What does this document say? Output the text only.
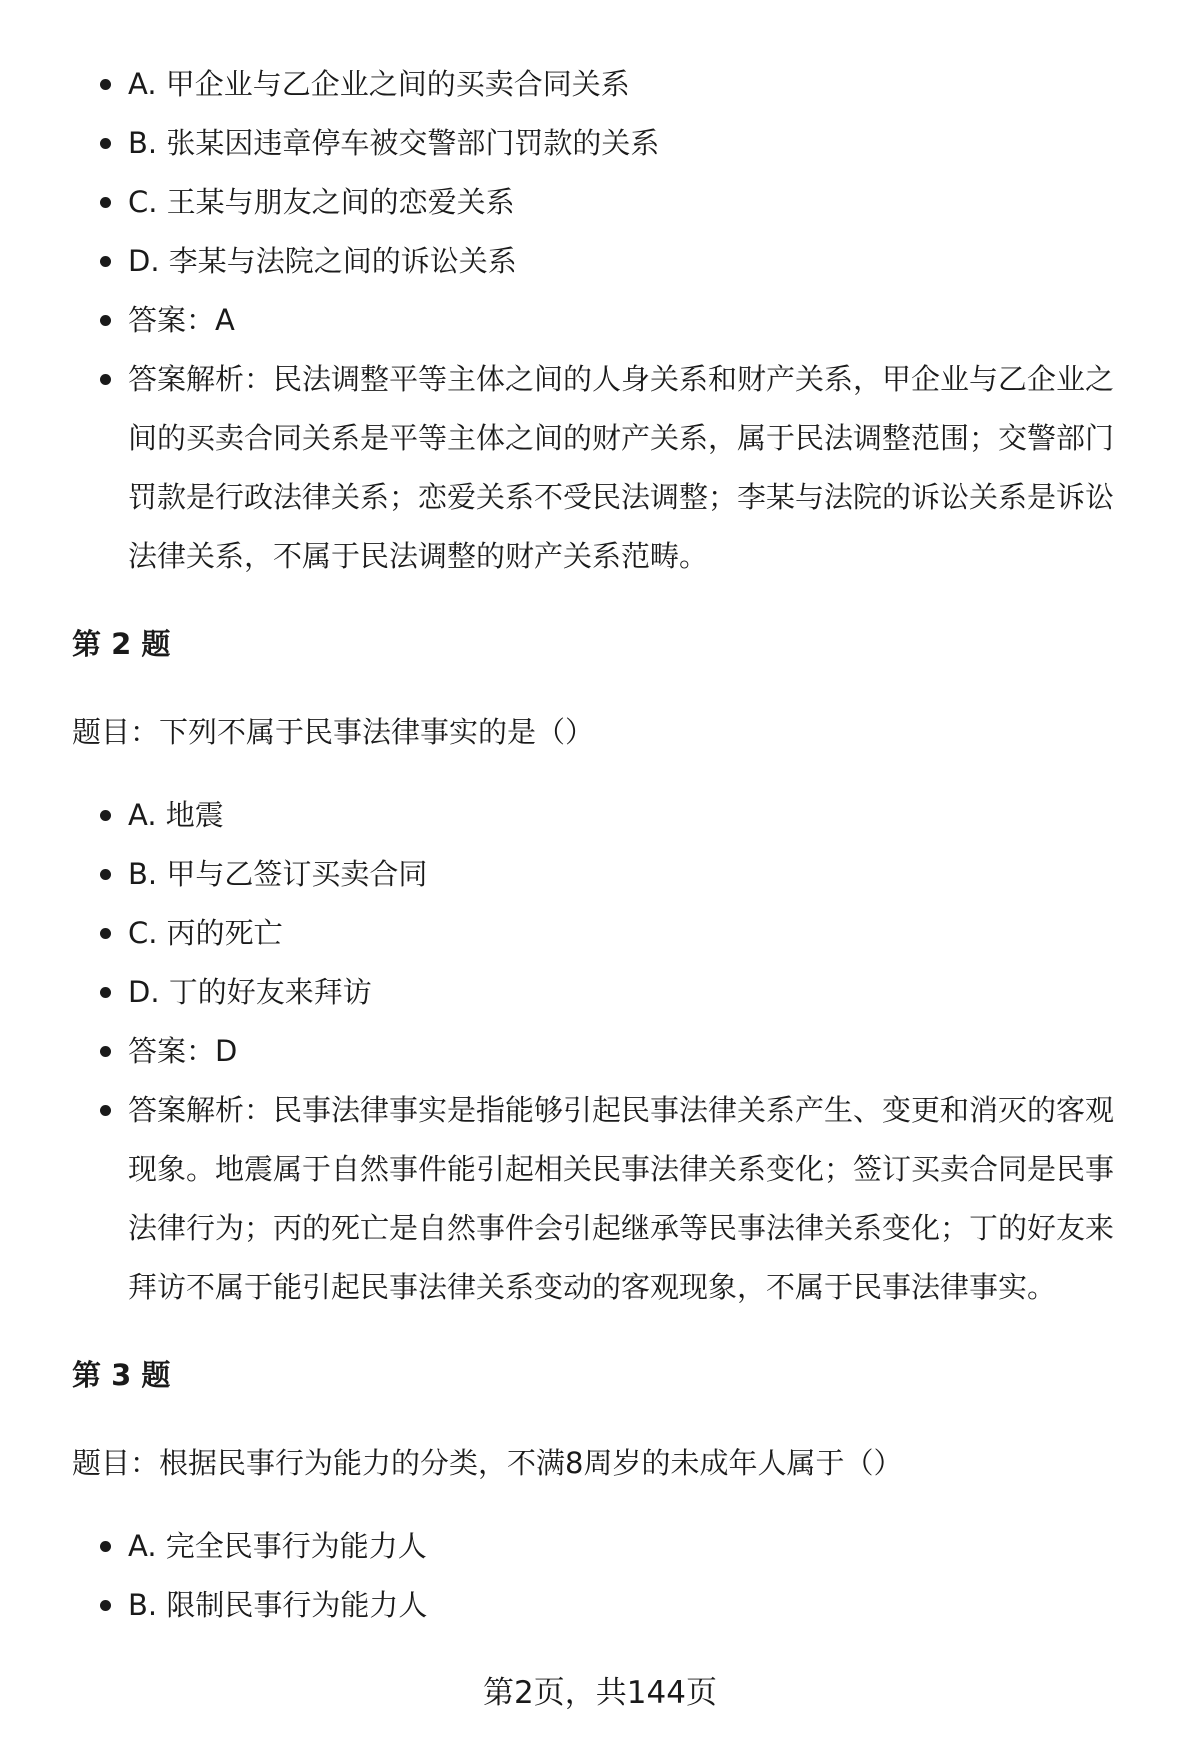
A. 甲企业与乙企业之间的买卖合同关系
B. 张某因违章停车被交警部门罚款的关系
C. 王某与朋友之间的恋爱关系
D. 李某与法院之间的诉讼关系
答案：A
答案解析：民法调整平等主体之间的人身关系和财产关系，甲企业与乙企业之间的买卖合同关系是平等主体之间的财产关系，属于民法调整范围；交警部门罚款是行政法律关系；恋爱关系不受民法调整；李某与法院的诉讼关系是诉讼法律关系，不属于民法调整的财产关系范畴。
第 2 题
题目：下列不属于民事法律事实的是（）
A. 地震
B. 甲与乙签订买卖合同
C. 丙的死亡
D. 丁的好友来拜访
答案：D
答案解析：民事法律事实是指能够引起民事法律关系产生、变更和消灭的客观现象。地震属于自然事件能引起相关民事法律关系变化；签订买卖合同是民事法律行为；丙的死亡是自然事件会引起继承等民事法律关系变化；丁的好友来拜访不属于能引起民事法律关系变动的客观现象，不属于民事法律事实。
第 3 题
题目：根据民事行为能力的分类，不满8周岁的未成年人属于（）
A. 完全民事行为能力人
B. 限制民事行为能力人
第2页，共144页
